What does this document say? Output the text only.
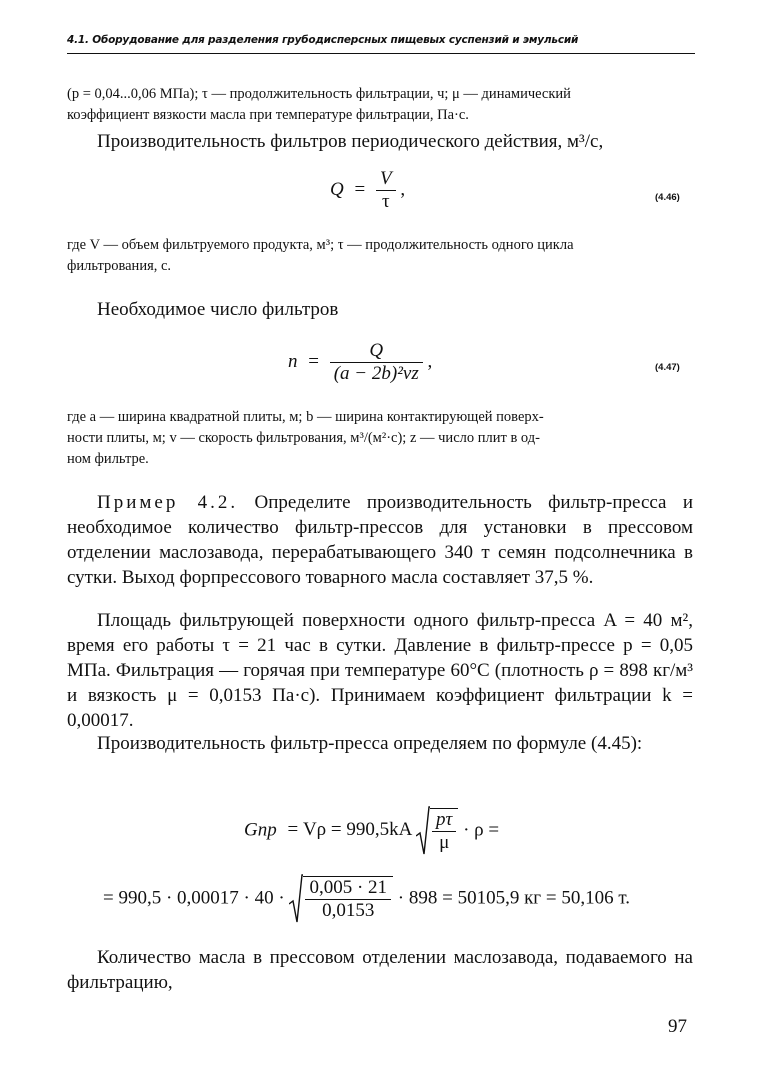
4.1. Оборудование для разделения грубодисперсных пищевых суспензий и эмульсий
(p = 0,04...0,06 МПа); τ — продолжительность фильтрации, ч; μ — динамический
коэффициент вязкости масла при температуре фильтрации, Па·с.
Производительность фильтров периодического действия, м³/с,
$Q = \frac{V}{\tau}$ ,	(4.46)
где V — объем фильтруемого продукта, м³; τ — продолжительность одного цикла
фильтрования, с.
Необходимое число фильтров
$n = \frac{Q}{\text{(a − 2b)²vz}}$ ,	(4.47)
где a — ширина квадратной плиты, м; b — ширина контактирующей поверх-
ности плиты, м; v — скорость фильтрования, м³/(м²·с); z — число плит в од-
ном фильтре.
Пример 4.2. Определите производительность фильтр-пресса и необходимое количество фильтр-прессов для установки в прессовом отделении маслозавода, перерабатывающего 340 т семян подсолнечника в сутки. Выход форпрессового товарного масла составляет 37,5 %.
Площадь фильтрующей поверхности одного фильтр-пресса A = 40 м², время его работы τ = 21 час в сутки. Давление в фильтр-прессе p = 0,05 МПа. Фильтрация — горячая при температуре 60°C (плотность ρ = 898 кг/м³ и вязкость μ = 0,0153 Па·с). Принимаем коэффициент фильтрации k = 0,00017.
Производительность фильтр-пресса определяем по формуле (4.45):
Gпр = $V\rho = 990,5kA \frac{p\tau}{\mu} \cdot \rho$ =
= $990,5 \cdot 0,00017 \cdot 40 \cdot \frac{0,005 \cdot 21}{0,0153} \cdot 898 = 50105,9$ кг = 50,106 т.
Количество масла в прессовом отделении маслозавода, подаваемого на фильтрацию,
97
